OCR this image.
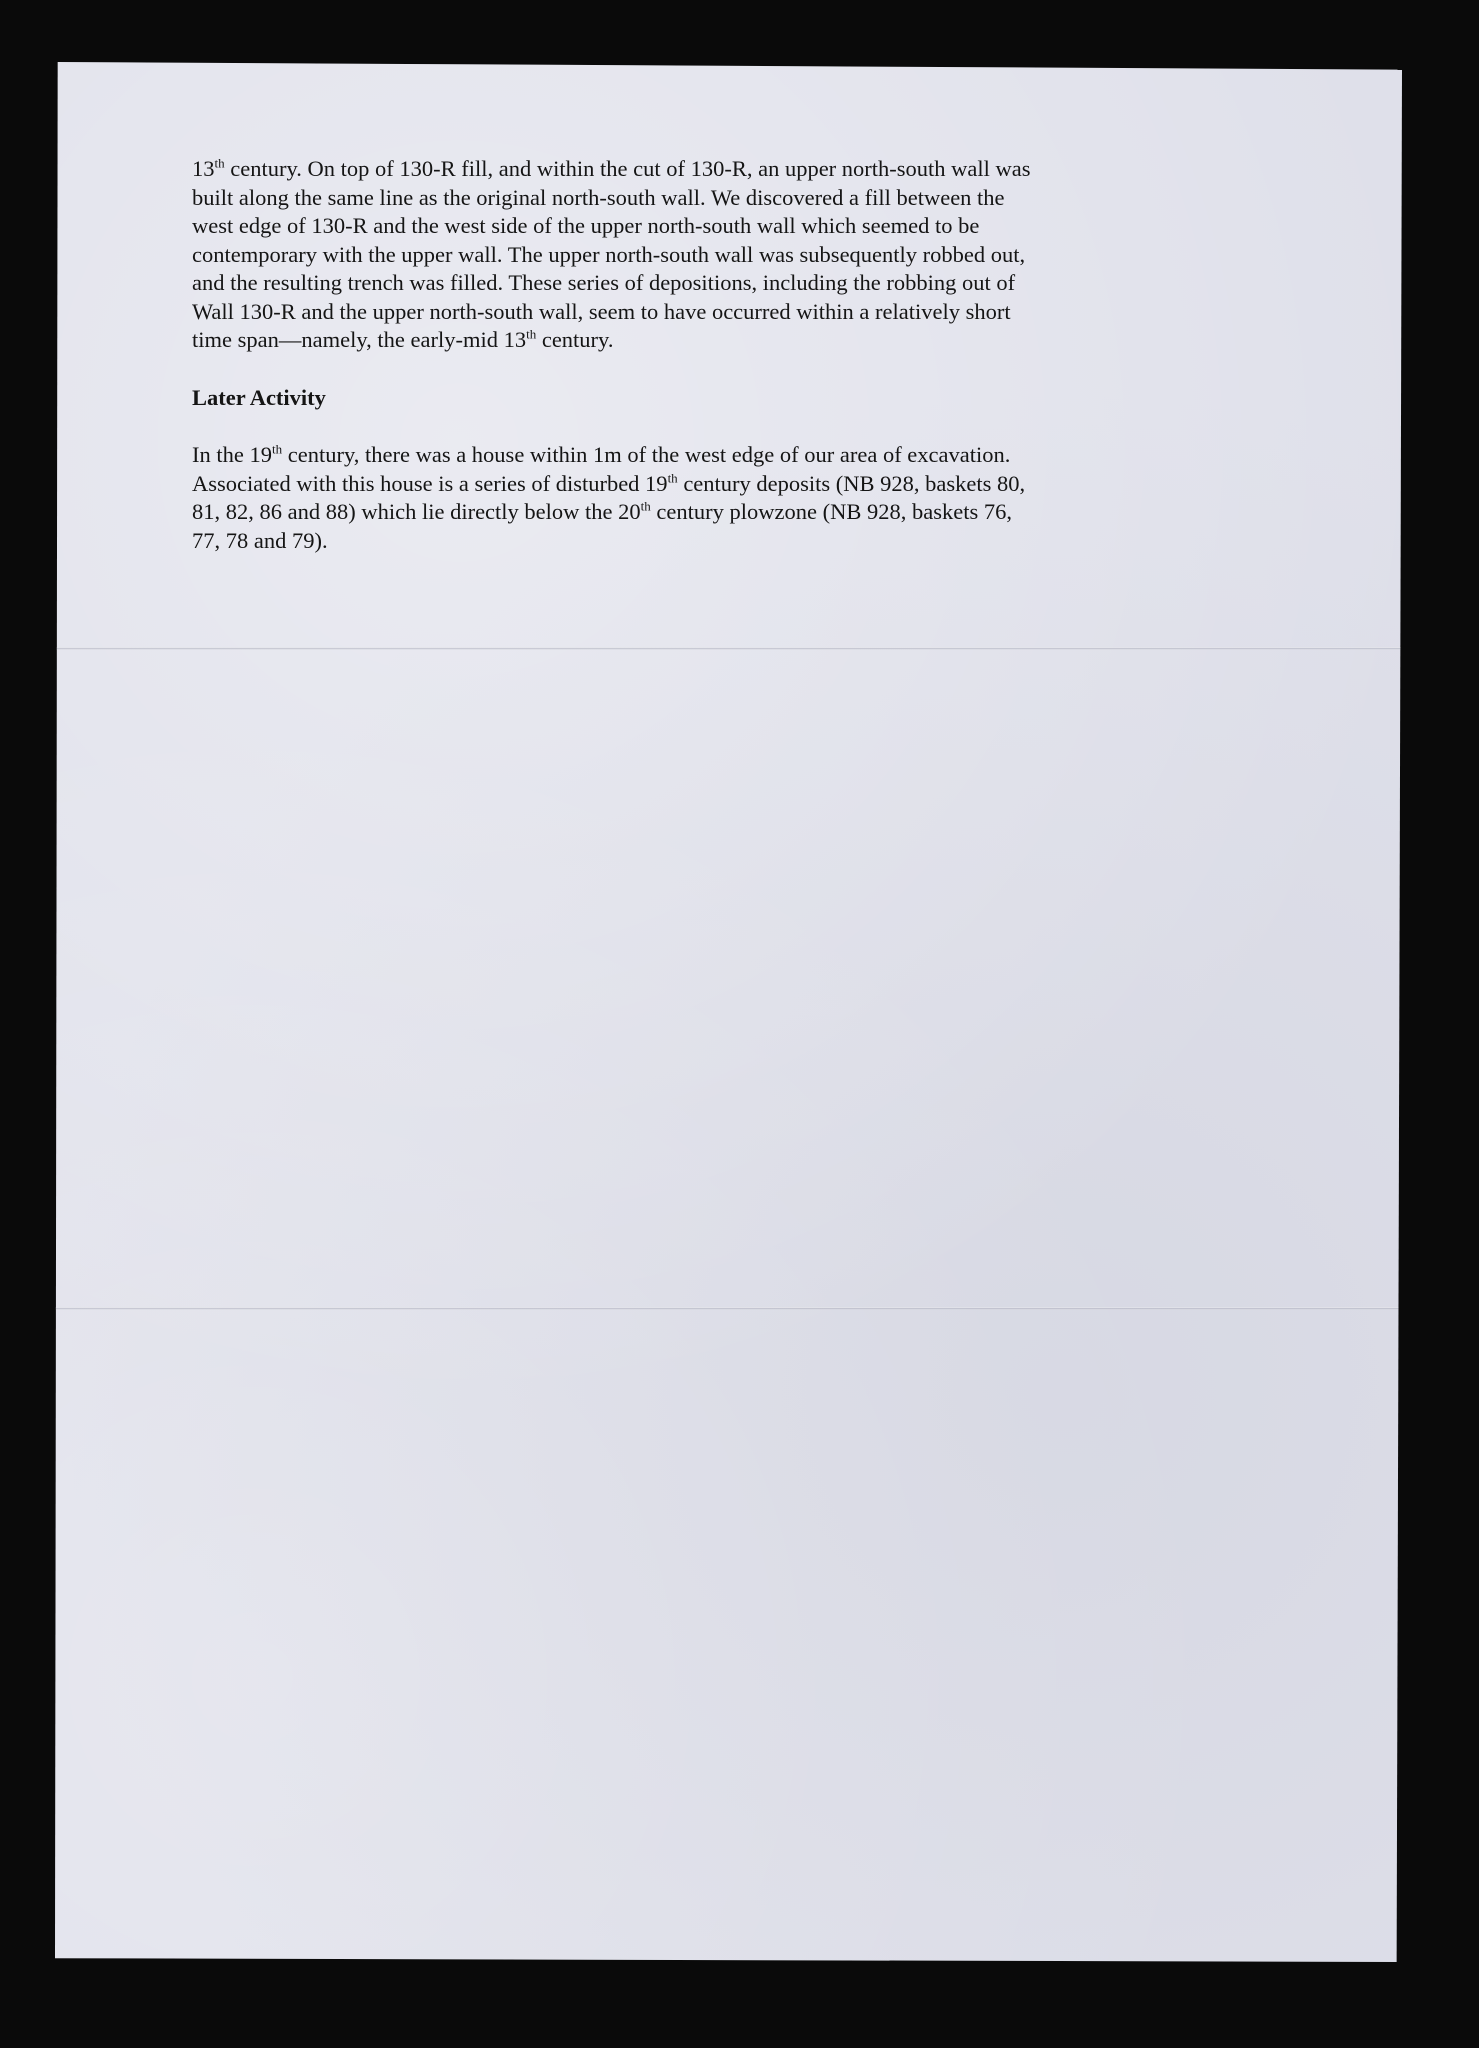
13th century. On top of 130-R fill, and within the cut of 130-R, an upper north-south wall was
built along the same line as the original north-south wall. We discovered a fill between the
west edge of 130-R and the west side of the upper north-south wall which seemed to be
contemporary with the upper wall. The upper north-south wall was subsequently robbed out,
and the resulting trench was filled. These series of depositions, including the robbing out of
Wall 130-R and the upper north-south wall, seem to have occurred within a relatively short
time span—namely, the early-mid 13th century.

Later Activity

In the 19th century, there was a house within 1m of the west edge of our area of excavation.
Associated with this house is a series of disturbed 19th century deposits (NB 928, baskets 80,
81, 82, 86 and 88) which lie directly below the 20th century plowzone (NB 928, baskets 76,
77, 78 and 79).
